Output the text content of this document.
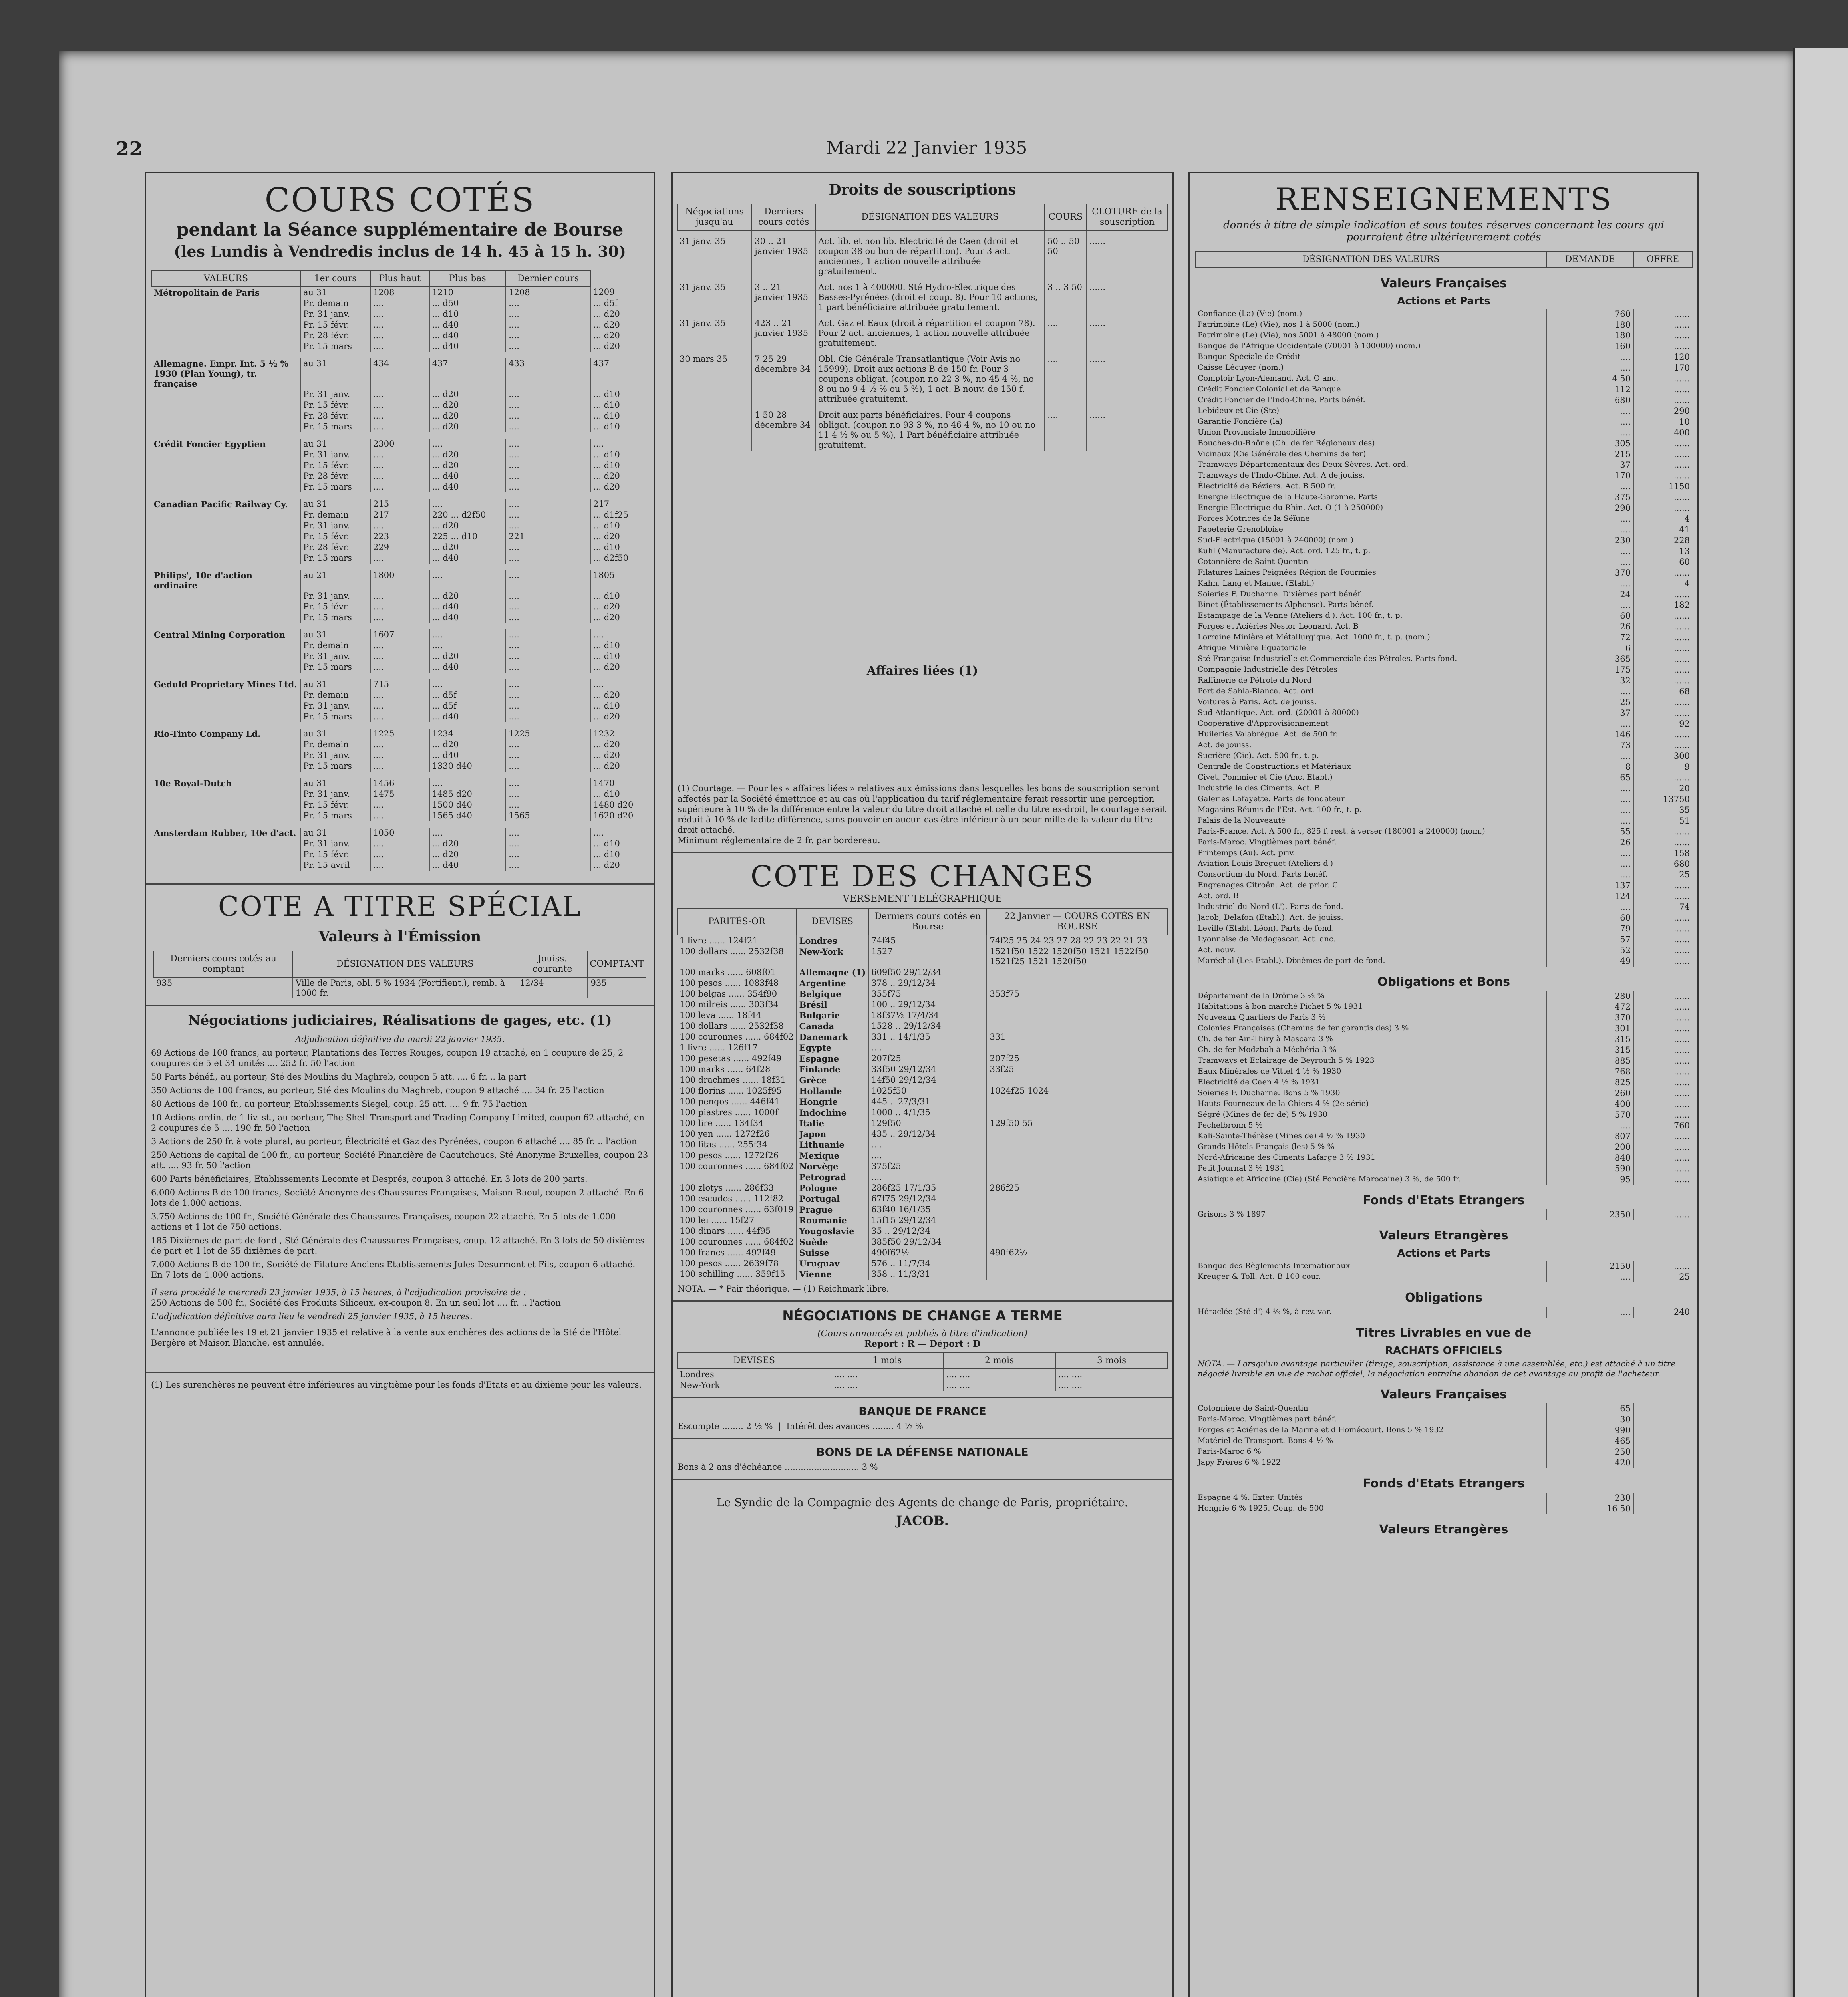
22	Mardi 22 Janvier 1935
COURS COTÉS
pendant la Séance supplémentaire de Bourse
(les Lundis à Vendredis inclus de 14 h. 45 à 15 h. 30)
VALEURS	1er cours	Plus haut	Plus bas	Dernier cours	
Métropolitain de Paris	au 31	1208	1210	1208	1209
	Pr. demain	....	... d50	....	... d5f
	Pr. 31 janv.	....	... d10	....	... d20
	Pr. 15 févr.	....	... d40	....	... d20
	Pr. 28 févr.	....	... d40	....	... d20
	Pr. 15 mars	....	... d40	....	... d20

Allemagne. Empr. Int. 5 ½ % 1930 (Plan Young), tr. française	au 31	434	437	433	437
	Pr. 31 janv.	....	... d20	....	... d10
	Pr. 15 févr.	....	... d20	....	... d10
	Pr. 28 févr.	....	... d20	....	... d10
	Pr. 15 mars	....	... d20	....	... d10

Crédit Foncier Egyptien	au 31	2300	....	....	....
	Pr. 31 janv.	....	... d20	....	... d10
	Pr. 15 févr.	....	... d20	....	... d10
	Pr. 28 févr.	....	... d40	....	... d20
	Pr. 15 mars	....	... d40	....	... d20

Canadian Pacific Railway Cy.	au 31	215	....	....	217
	Pr. demain	217	220 ... d2f50	....	... d1f25
	Pr. 31 janv.	....	... d20	....	... d10
	Pr. 15 févr.	223	225 ... d10	221	... d20
	Pr. 28 févr.	229	... d20	....	... d10
	Pr. 15 mars	....	... d40	....	... d2f50

Philips', 10e d'action ordinaire	au 21	1800	....	....	1805
	Pr. 31 janv.	....	... d20	....	... d10
	Pr. 15 févr.	....	... d40	....	... d20
	Pr. 15 mars	....	... d40	....	... d20

Central Mining Corporation	au 31	1607	....	....	....
	Pr. demain	....	....	....	... d10
	Pr. 31 janv.	....	... d20	....	... d10
	Pr. 15 mars	....	... d40	....	... d20

Geduld Proprietary Mines Ltd.	au 31	715	....	....	....
	Pr. demain	....	... d5f	....	... d20
	Pr. 31 janv.	....	... d5f	....	... d10
	Pr. 15 mars	....	... d40	....	... d20

Rio-Tinto Company Ld.	au 31	1225	1234	1225	1232
	Pr. demain	....	... d20	....	... d20
	Pr. 31 janv.	....	... d40	....	... d20
	Pr. 15 mars	....	1330 d40	....	... d20

10e Royal-Dutch	au 31	1456	....	....	1470
	Pr. 31 janv.	1475	1485 d20	....	... d10
	Pr. 15 févr.	....	1500 d40	....	1480 d20
	Pr. 15 mars	....	1565 d40	1565	1620 d20

Amsterdam Rubber, 10e d'act.	au 31	1050	....	....	....
	Pr. 31 janv.	....	... d20	....	... d10
	Pr. 15 févr.	....	... d20	....	... d10
	Pr. 15 avril	....	... d40	....	... d20

COTE A TITRE SPÉCIAL
Valeurs à l'Émission
Derniers cours cotés au comptant	DÉSIGNATION DES VALEURS	Jouiss. courante	COMPTANT
935	Ville de Paris, obl. 5 % 1934 (Fortifient.), remb. à 1000 fr.	12/34	935
Négociations judiciaires, Réalisations de gages, etc. (1)
Adjudication définitive du mardi 22 janvier 1935.
69 Actions de 100 francs, au porteur, Plantations des Terres Rouges, coupon 19 attaché, en 1 coupure de 25, 2 coupures de 5 et 34 unités .... 252 fr. 50 l'action
50 Parts bénéf., au porteur, Sté des Moulins du Maghreb, coupon 5 att. .... 6 fr. .. la part
350 Actions de 100 francs, au porteur, Sté des Moulins du Maghreb, coupon 9 attaché .... 34 fr. 25 l'action
80 Actions de 100 fr., au porteur, Etablissements Siegel, coup. 25 att. .... 9 fr. 75 l'action
10 Actions ordin. de 1 liv. st., au porteur, The Shell Transport and Trading Company Limited, coupon 62 attaché, en 2 coupures de 5 .... 190 fr. 50 l'action
3 Actions de 250 fr. à vote plural, au porteur, Électricité et Gaz des Pyrénées, coupon 6 attaché .... 85 fr. .. l'action
250 Actions de capital de 100 fr., au porteur, Société Financière de Caoutchoucs, Sté Anonyme Bruxelles, coupon 23 att. .... 93 fr. 50 l'action
600 Parts bénéficiaires, Etablissements Lecomte et Després, coupon 3 attaché. En 3 lots de 200 parts.
6.000 Actions B de 100 francs, Société Anonyme des Chaussures Françaises, Maison Raoul, coupon 2 attaché. En 6 lots de 1.000 actions.
3.750 Actions de 100 fr., Société Générale des Chaussures Françaises, coupon 22 attaché. En 5 lots de 1.000 actions et 1 lot de 750 actions.
185 Dixièmes de part de fond., Sté Générale des Chaussures Françaises, coup. 12 attaché. En 3 lots de 50 dixièmes de part et 1 lot de 35 dixièmes de part.
7.000 Actions B de 100 fr., Société de Filature Anciens Etablissements Jules Desurmont et Fils, coupon 6 attaché. En 7 lots de 1.000 actions.
Il sera procédé le mercredi 23 janvier 1935, à 15 heures, à l'adjudication provisoire de :
250 Actions de 500 fr., Société des Produits Siliceux, ex-coupon 8. En un seul lot .... fr. .. l'action
L'adjudication définitive aura lieu le vendredi 25 janvier 1935, à 15 heures.
L'annonce publiée les 19 et 21 janvier 1935 et relative à la vente aux enchères des actions de la Sté de l'Hôtel Bergère et Maison Blanche, est annulée.
(1) Les surenchères ne peuvent être inférieures au vingtième pour les fonds d'Etats et au dixième pour les valeurs.
Droits de souscriptions
Négociations jusqu'au	Derniers cours cotés	DÉSIGNATION DES VALEURS	COURS	CLOTURE de la souscription
31 janv. 35	30 .. 21 janvier 1935	Act. lib. et non lib. Electricité de Caen (droit et coupon 38 ou bon de répartition). Pour 3 act. anciennes, 1 action nouvelle attribuée gratuitement.	50 .. 50 50	......
31 janv. 35	3 .. 21 janvier 1935	Act. nos 1 à 400000. Sté Hydro-Electrique des Basses-Pyrénées (droit et coup. 8). Pour 10 actions, 1 part bénéficiaire attribuée gratuitement.	3 .. 3 50	......
31 janv. 35	423 .. 21 janvier 1935	Act. Gaz et Eaux (droit à répartition et coupon 78). Pour 2 act. anciennes, 1 action nouvelle attribuée gratuitement.	....	......
30 mars 35	7 25 29 décembre 34	Obl. Cie Générale Transatlantique (Voir Avis no 15999). Droit aux actions B de 150 fr. Pour 3 coupons obligat. (coupon no 22 3 %, no 45 4 %, no 8 ou no 9 4 ½ % ou 5 %), 1 act. B nouv. de 150 f. attribuée gratuitemt.	....	......
	1 50 28 décembre 34	Droit aux parts bénéficiaires. Pour 4 coupons obligat. (coupon no 93 3 %, no 46 4 %, no 10 ou no 11 4 ½ % ou 5 %), 1 Part bénéficiaire attribuée gratuitemt.	....	......
Affaires liées (1)
(1) Courtage. — Pour les « affaires liées » relatives aux émissions dans lesquelles les bons de souscription seront affectés par la Société émettrice et au cas où l'application du tarif réglementaire ferait ressortir une perception supérieure à 10 % de la différence entre la valeur du titre droit attaché et celle du titre ex-droit, le courtage serait réduit à 10 % de ladite différence, sans pouvoir en aucun cas être inférieur à un pour mille de la valeur du titre droit attaché.
Minimum réglementaire de 2 fr. par bordereau.
COTE DES CHANGES
VERSEMENT TÉLÉGRAPHIQUE
PARITÉS-OR	DEVISES	Derniers cours cotés en Bourse	22 Janvier — COURS COTÉS EN BOURSE
1 livre ...... 124f21	Londres	74f45	74f25 25 24 23 27 28 22 23 22 21 23
100 dollars ...... 2532f38	New-York	1527	1521f50 1522 1520f50 1521 1522f50 1521f25 1521 1520f50
100 marks ...... 608f01	Allemagne (1)	609f50 29/12/34	
100 pesos ...... 1083f48	Argentine	378 .. 29/12/34	
100 belgas ...... 354f90	Belgique	355f75	353f75
100 milreis ...... 303f34	Brésil	100 .. 29/12/34	
100 leva ...... 18f44	Bulgarie	18f37½ 17/4/34	
100 dollars ...... 2532f38	Canada	1528 .. 29/12/34	
100 couronnes ...... 684f02	Danemark	331 .. 14/1/35	331
1 livre ...... 126f17	Egypte	....	
100 pesetas ...... 492f49	Espagne	207f25	207f25
100 marks ...... 64f28	Finlande	33f50 29/12/34	33f25
100 drachmes ...... 18f31	Grèce	14f50 29/12/34	
100 florins ...... 1025f95	Hollande	1025f50	1024f25 1024
100 pengos ...... 446f41	Hongrie	445 .. 27/3/31	
100 piastres ...... 1000f	Indochine	1000 .. 4/1/35	
100 lire ...... 134f34	Italie	129f50	129f50 55
100 yen ...... 1272f26	Japon	435 .. 29/12/34	
100 litas ...... 255f34	Lithuanie	....	
100 pesos ...... 1272f26	Mexique	....	
100 couronnes ...... 684f02	Norvège	375f25	
	Petrograd	....	
100 zlotys ...... 286f33	Pologne	286f25 17/1/35	286f25
100 escudos ...... 112f82	Portugal	67f75 29/12/34	
100 couronnes ...... 63f019	Prague	63f40 16/1/35	
100 lei ...... 15f27	Roumanie	15f15 29/12/34	
100 dinars ...... 44f95	Yougoslavie	35 .. 29/12/34	
100 couronnes ...... 684f02	Suède	385f50 29/12/34	
100 francs ...... 492f49	Suisse	490f62½	490f62½
100 pesos ...... 2639f78	Uruguay	576 .. 11/7/34	
100 schilling ...... 359f15	Vienne	358 .. 11/3/31	
NOTA. — * Pair théorique. — (1) Reichmark libre.
NÉGOCIATIONS DE CHANGE A TERME
(Cours annoncés et publiés à titre d'indication)
Report : R — Déport : D
DEVISES	1 mois	2 mois	3 mois
Londres	.... ....	.... ....	.... ....
New-York	.... ....	.... ....	.... ....
BANQUE DE FRANCE
Escompte ........ 2 ½ %  |  Intérêt des avances ........ 4 ½ %
BONS DE LA DÉFENSE NATIONALE
Bons à 2 ans d'échéance ............................ 3 %
Le Syndic de la Compagnie des Agents de change de Paris, propriétaire.
JACOB.
RENSEIGNEMENTS
donnés à titre de simple indication et sous toutes réserves concernant les cours qui pourraient être ultérieurement cotés
DÉSIGNATION DES VALEURS	DEMANDE	OFFRE
Valeurs Françaises		
Actions et Parts		
Confiance (La) (Vie) (nom.)	760	......
Patrimoine (Le) (Vie), nos 1 à 5000 (nom.)	180	......
Patrimoine (Le) (Vie), nos 5001 à 48000 (nom.)	180	......
Banque de l'Afrique Occidentale (70001 à 100000) (nom.)	160	......
Banque Spéciale de Crédit	....	120
Caisse Lécuyer (nom.)	....	170
Comptoir Lyon-Alemand. Act. O anc.	4 50	......
Crédit Foncier Colonial et de Banque	112	......
Crédit Foncier de l'Indo-Chine. Parts bénéf.	680	......
Lebideux et Cie (Ste)	....	290
Garantie Foncière (la)	....	10
Union Provinciale Immobilière	....	400
Bouches-du-Rhône (Ch. de fer Régionaux des)	305	......
Vicinaux (Cie Générale des Chemins de fer)	215	......
Tramways Départementaux des Deux-Sèvres. Act. ord.	37	......
Tramways de l'Indo-Chine. Act. A de jouiss.	170	......
Électricité de Béziers. Act. B 500 fr.	....	1150
Energie Electrique de la Haute-Garonne. Parts	375	......
Energie Electrique du Rhin. Act. O (1 à 250000)	290	......
Forces Motrices de la Séïune	....	4
Papeterie Grenobloise	....	41
Sud-Electrique (15001 à 240000) (nom.)	230	228
Kuhl (Manufacture de). Act. ord. 125 fr., t. p.	....	13
Cotonnière de Saint-Quentin	....	60
Filatures Laines Peignées Région de Fourmies	370	......
Kahn, Lang et Manuel (Etabl.)	....	4
Soieries F. Ducharne. Dixièmes part bénéf.	24	......
Binet (Établissements Alphonse). Parts bénéf.	....	182
Estampage de la Venne (Ateliers d'). Act. 100 fr., t. p.	60	......
Forges et Aciéries Nestor Léonard. Act. B	26	......
Lorraine Minière et Métallurgique. Act. 1000 fr., t. p. (nom.)	72	......
Afrique Minière Equatoriale	6	......
Sté Française Industrielle et Commerciale des Pétroles. Parts fond.	365	......
Compagnie Industrielle des Pétroles	175	......
Raffinerie de Pétrole du Nord	32	......
Port de Sahla-Blanca. Act. ord.	....	68
Voitures à Paris. Act. de jouiss.	25	......
Sud-Atlantique. Act. ord. (20001 à 80000)	37	......
Coopérative d'Approvisionnement	....	92
Huileries Valabrègue. Act. de 500 fr.	146	......
Act. de jouiss.	73	......
Sucrière (Cie). Act. 500 fr., t. p.	....	300
Centrale de Constructions et Matériaux	8	9
Civet, Pommier et Cie (Anc. Etabl.)	65	......
Industrielle des Ciments. Act. B	....	20
Galeries Lafayette. Parts de fondateur	....	13750
Magasins Réunis de l'Est. Act. 100 fr., t. p.	....	35
Palais de la Nouveauté	....	51
Paris-France. Act. A 500 fr., 825 f. rest. à verser (180001 à 240000) (nom.)	55	......
Paris-Maroc. Vingtièmes part bénéf.	26	......
Printemps (Au). Act. priv.	....	158
Aviation Louis Breguet (Ateliers d')	....	680
Consortium du Nord. Parts bénéf.	....	25
Engrenages Citroën. Act. de prior. C	137	......
Act. ord. B	124	......
Industriel du Nord (L'). Parts de fond.	....	74
Jacob, Delafon (Etabl.). Act. de jouiss.	60	......
Leville (Etabl. Léon). Parts de fond.	79	......
Lyonnaise de Madagascar. Act. anc.	57	......
Act. nouv.	52	......
Maréchal (Les Etabl.). Dixièmes de part de fond.	49	......
Obligations et Bons		
Département de la Drôme 3 ½ %	280	......
Habitations à bon marché Pichet 5 % 1931	472	......
Nouveaux Quartiers de Paris 3 %	370	......
Colonies Françaises (Chemins de fer garantis des) 3 %	301	......
Ch. de fer Ain-Thiry à Mascara 3 %	315	......
Ch. de fer Modzbah à Méchéria 3 %	315	......
Tramways et Eclairage de Beyrouth 5 % 1923	885	......
Eaux Minérales de Vittel 4 ½ % 1930	768	......
Electricité de Caen 4 ½ % 1931	825	......
Soieries F. Ducharne. Bons 5 % 1930	260	......
Hauts-Fourneaux de la Chiers 4 % (2e série)	400	......
Ségré (Mines de fer de) 5 % 1930	570	......
Pechelbronn 5 %	....	760
Kali-Sainte-Thérèse (Mines de) 4 ½ % 1930	807	......
Grands Hôtels Français (les) 5 % %	200	......
Nord-Africaine des Ciments Lafarge 3 % 1931	840	......
Petit Journal 3 % 1931	590	......
Asiatique et Africaine (Cie) (Sté Foncière Marocaine) 3 %, de 500 fr.	95	......
Fonds d'Etats Etrangers		
Grisons 3 % 1897	2350	......
Valeurs Etrangères		
Actions et Parts		
Banque des Règlements Internationaux	2150	......
Kreuger & Toll. Act. B 100 cour.	....	25
Obligations		
Héraclée (Sté d') 4 ½ %, à rev. var.	....	240
Titres Livrables en vue de		
RACHATS OFFICIELS		
NOTA. — Lorsqu'un avantage particulier (tirage, souscription, assistance à une assemblée, etc.) est attaché à un titre négocié livrable en vue de rachat officiel, la négociation entraîne abandon de cet avantage au profit de l'acheteur.		
Valeurs Françaises		
Cotonnière de Saint-Quentin	65	
Paris-Maroc. Vingtièmes part bénéf.	30	
Forges et Aciéries de la Marine et d'Homécourt. Bons 5 % 1932	990	
Matériel de Transport. Bons 4 ½ %	465	
Paris-Maroc 6 %	250	
Japy Frères 6 % 1922	420	
Fonds d'Etats Etrangers		
Espagne 4 %. Extér. Unités	230	
Hongrie 6 % 1925. Coup. de 500	16 50	
Valeurs Etrangères		
